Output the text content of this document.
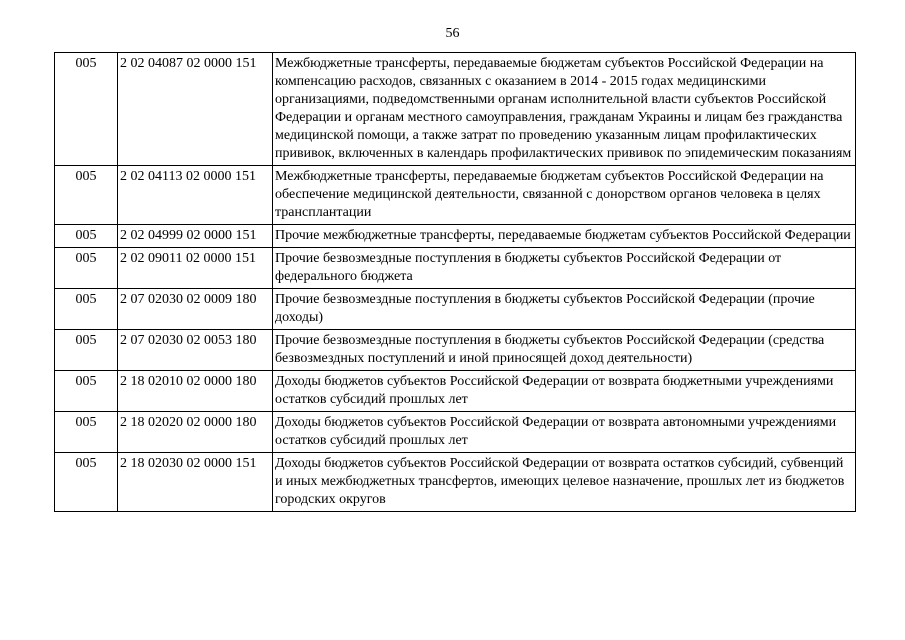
56
005	2 02 04087 02 0000 151	Межбюджетные трансферты, передаваемые бюджетам субъектов Российской Федерации на компенсацию расходов, связанных с оказанием в 2014 - 2015 годах медицинскими организациями, подведомственными органам исполнительной власти субъектов Российской Федерации и органам местного самоуправления, гражданам Украины и лицам без гражданства медицинской помощи, а также затрат по проведению указанным лицам профилактических прививок, включенных в календарь профилактических прививок по эпидемическим показаниям
005	2 02 04113 02 0000 151	Межбюджетные трансферты, передаваемые бюджетам субъектов Российской Федерации на обеспечение медицинской деятельности, связанной с донорством органов человека в целях трансплантации
005	2 02 04999 02 0000 151	Прочие межбюджетные трансферты, передаваемые бюджетам субъектов Российской Федерации
005	2 02 09011 02 0000 151	Прочие безвозмездные поступления в бюджеты субъектов Российской Федерации от федерального бюджета
005	2 07 02030 02 0009 180	Прочие безвозмездные поступления в бюджеты субъектов Российской Федерации (прочие доходы)
005	2 07 02030 02 0053 180	Прочие безвозмездные поступления в бюджеты субъектов Российской Федерации (средства безвозмездных поступлений и иной приносящей доход деятельности)
005	2 18 02010 02 0000 180	Доходы бюджетов субъектов Российской Федерации от возврата бюджетными учреждениями остатков субсидий прошлых лет
005	2 18 02020 02 0000 180	Доходы бюджетов субъектов Российской Федерации от возврата автономными учреждениями остатков субсидий прошлых лет
005	2 18 02030 02 0000 151	Доходы бюджетов субъектов Российской Федерации от возврата остатков субсидий, субвенций и иных межбюджетных трансфертов, имеющих целевое назначение, прошлых лет из бюджетов городских округов
